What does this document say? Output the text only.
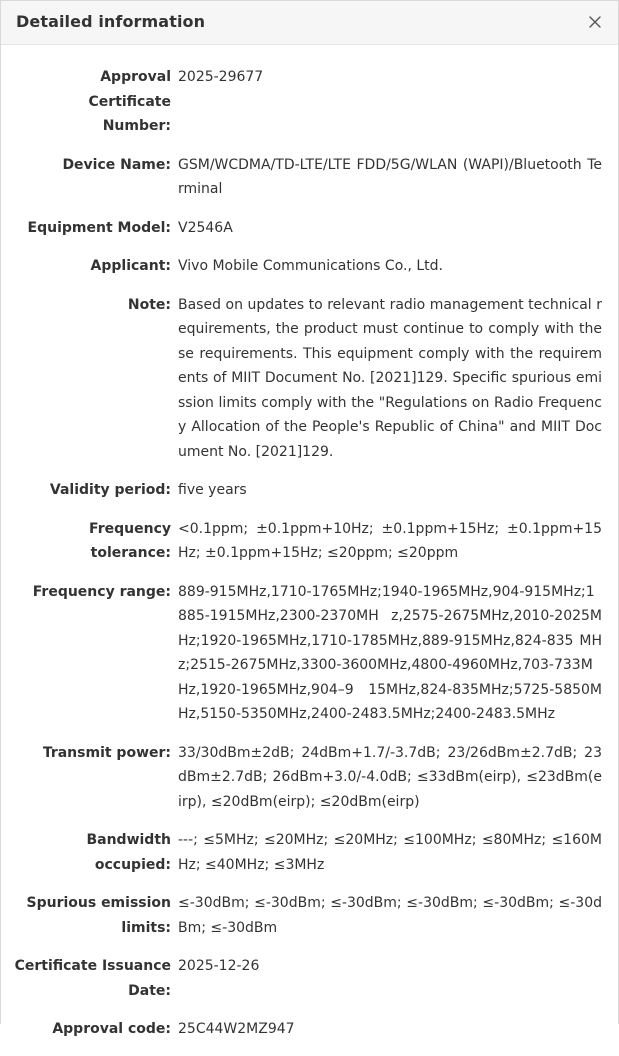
Detailed information
Approval Certificate Number:
2025-29677
Device Name: GSM/WCDMA/TD-LTE/LTE FDD/5G/WLAN (WAPI)/Bluetooth Terminal
Equipment Model: V2546A
Applicant: Vivo Mobile Communications Co., Ltd.
Note: Based on updates to relevant radio management technical requirements, the product must continue to comply with these requirements. This equipment comply with the requirements of MIIT Document No. [2021]129. Specific spurious emission limits comply with the "Regulations on Radio Frequency Allocation of the People's Republic of China" and MIIT Document No. [2021]129.
Validity period: five years
Frequency tolerance:
<0.1ppm; ±0.1ppm+10Hz; ±0.1ppm+15Hz; ±0.1ppm+15Hz; ±0.1ppm+15Hz; ≤20ppm; ≤20ppm
Frequency range: 889-915MHz,1710-1765MHz;1940-1965MHz,904-915MHz;1885-1915MHz,2300-2370MH z,2575-2675MHz,2010-2025MHz;1920-1965MHz,1710-1785MHz,889-915MHz,824-835 MHz;2515-2675MHz,3300-3600MHz,4800-4960MHz,703-733MHz,1920-1965MHz,904–9 15MHz,824-835MHz;5725-5850MHz,5150-5350MHz,2400-2483.5MHz;2400-2483.5MHz
Transmit power: 33/30dBm±2dB; 24dBm+1.7/-3.7dB; 23/26dBm±2.7dB; 23dBm±2.7dB; 26dBm+3.0/-4.0dB; ≤33dBm(eirp), ≤23dBm(eirp), ≤20dBm(eirp); ≤20dBm(eirp)
Bandwidth occupied:
---; ≤5MHz; ≤20MHz; ≤20MHz; ≤100MHz; ≤80MHz; ≤160MHz; ≤40MHz; ≤3MHz
Spurious emission limits:
≤-30dBm; ≤-30dBm; ≤-30dBm; ≤-30dBm; ≤-30dBm; ≤-30dBm; ≤-30dBm
Certificate Issuance Date:
2025-12-26
Approval code: 25C44W2MZ947
